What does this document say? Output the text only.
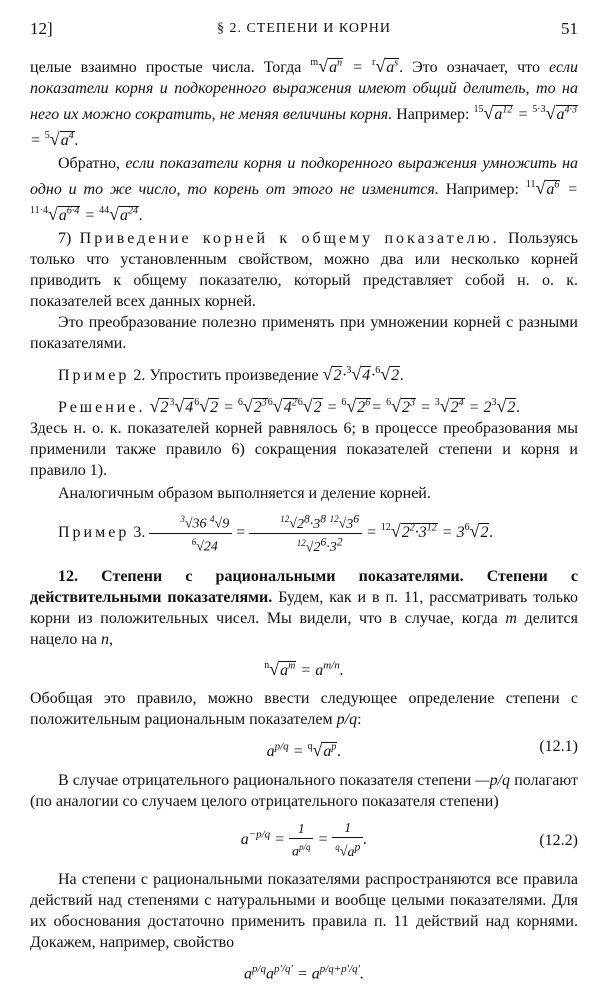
12]	§ 2. СТЕПЕНИ И КОРНИ	51

целые взаимно простые числа. Тогда $^m√a^n = ^r√a^s$. Это означает, что если показатели корня и подкоренного выражения имеют общий делитель, то на него их можно сократить, не меняя величины корня. Например: $^{15}√a^{12} = ^{5\cdot 3}√a^{4\cdot 3} = ^5√a^4$.

Обратно, если показатели корня и подкоренного выражения умножить на одно и то же число, то корень от этого не изменится. Например: $^{11}√a^6 = ^{11\cdot 4}√a^{6\cdot 4} = ^{44}√a^{24}$.

7) Приведение корней к общему показателю. Пользуясь только что установленным свойством, можно два или несколько корней приводить к общему показателю, который представляет собой н. о. к. показателей всех данных корней.

Это преобразование полезно применять при умножении корней с разными показателями.

Пример 2. Упростить произведение √2·$^3$√4·$^6$√2.

Решение. $√2^3√4^6√2 = ^6√2^{36}√4^{26}√2 = ^6√2^6= ^6√2^3 = ^3√2^4 = 2^3√2$.

Здесь н. о. к. показателей корней равнялось 6; в процессе преобразования мы применили также правило 6) сокращения показателей степени и корня и правило 1).

Аналогичным образом выполняется и деление корней.

Пример 3. $\frac{^3√36 ^4√9}{^6√24} = \frac{^{12}√2^8\cdot 3^8 ^{12}√3^6}{^{12}√2^6\cdot 3^2} = ^{12}√2^2\cdot 3^{12} = 3^6√2$.

12. Степени с рациональными показателями. Степени с действительными показателями. Будем, как и в п. 11, рассматривать только корни из положительных чисел. Мы видели, что в случае, когда m делится нацело на n,

$^n√a^m = a^{m/n}$.

Обобщая это правило, можно ввести следующее определение степени с положительным рациональным показателем p/q:

$a^{p/q} = ^q√a^p$.	(12.1)

В случае отрицательного рационального показателя степени —p/q полагают (по аналогии со случаем целого отрицательного показателя степени)

$a^{-p/q} = \frac{1}{a^{p/q}} = \frac{1}{^q√a^p}$ .	(12.2)

На степени с рациональными показателями распространяются все правила действий над степенями с натуральными и вообще целыми показателями. Для их обоснования достаточно применить правила п. 11 действий над корнями. Докажем, например, свойство

$a^{p/q}a^{p'/q'} = a^{p/q+p'/q'}$.
